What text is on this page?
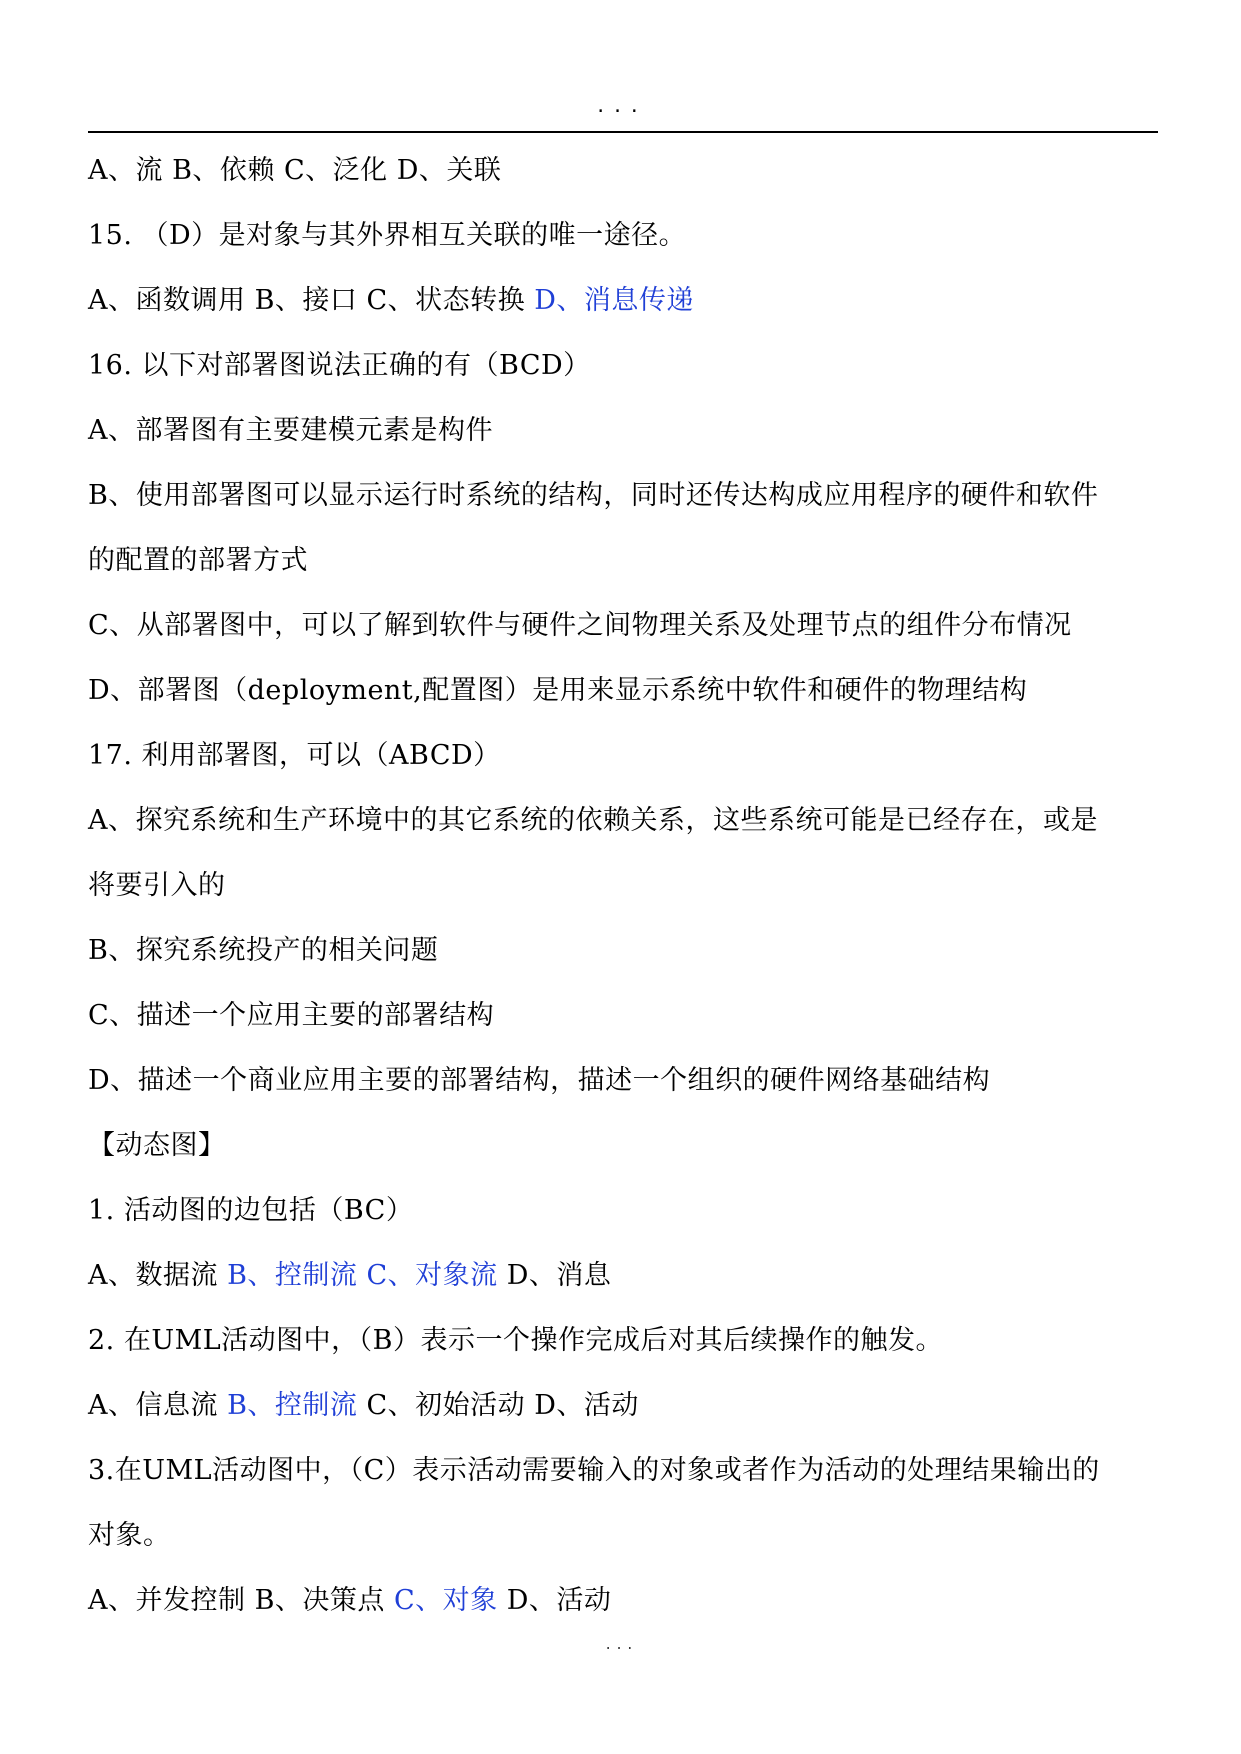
...
A、流 B、依赖 C、泛化 D、关联
15. （D）是对象与其外界相互关联的唯一途径。
A、函数调用 B、接口 C、状态转换 D、消息传递
16. 以下对部署图说法正确的有（BCD）
A、部署图有主要建模元素是构件
B、使用部署图可以显示运行时系统的结构，同时还传达构成应用程序的硬件和软件
的配置的部署方式
C、从部署图中，可以了解到软件与硬件之间物理关系及处理节点的组件分布情况
D、部署图（deployment,配置图）是用来显示系统中软件和硬件的物理结构
17. 利用部署图，可以（ABCD）
A、探究系统和生产环境中的其它系统的依赖关系，这些系统可能是已经存在，或是
将要引入的
B、探究系统投产的相关问题
C、描述一个应用主要的部署结构
D、描述一个商业应用主要的部署结构，描述一个组织的硬件网络基础结构
【动态图】
1. 活动图的边包括（BC）
A、数据流 B、控制流 C、对象流 D、消息
2. 在UML活动图中，（B）表示一个操作完成后对其后续操作的触发。
A、信息流 B、控制流 C、初始活动 D、活动
3.在UML活动图中，（C）表示活动需要输入的对象或者作为活动的处理结果输出的
对象。
A、并发控制 B、决策点 C、对象 D、活动
...
